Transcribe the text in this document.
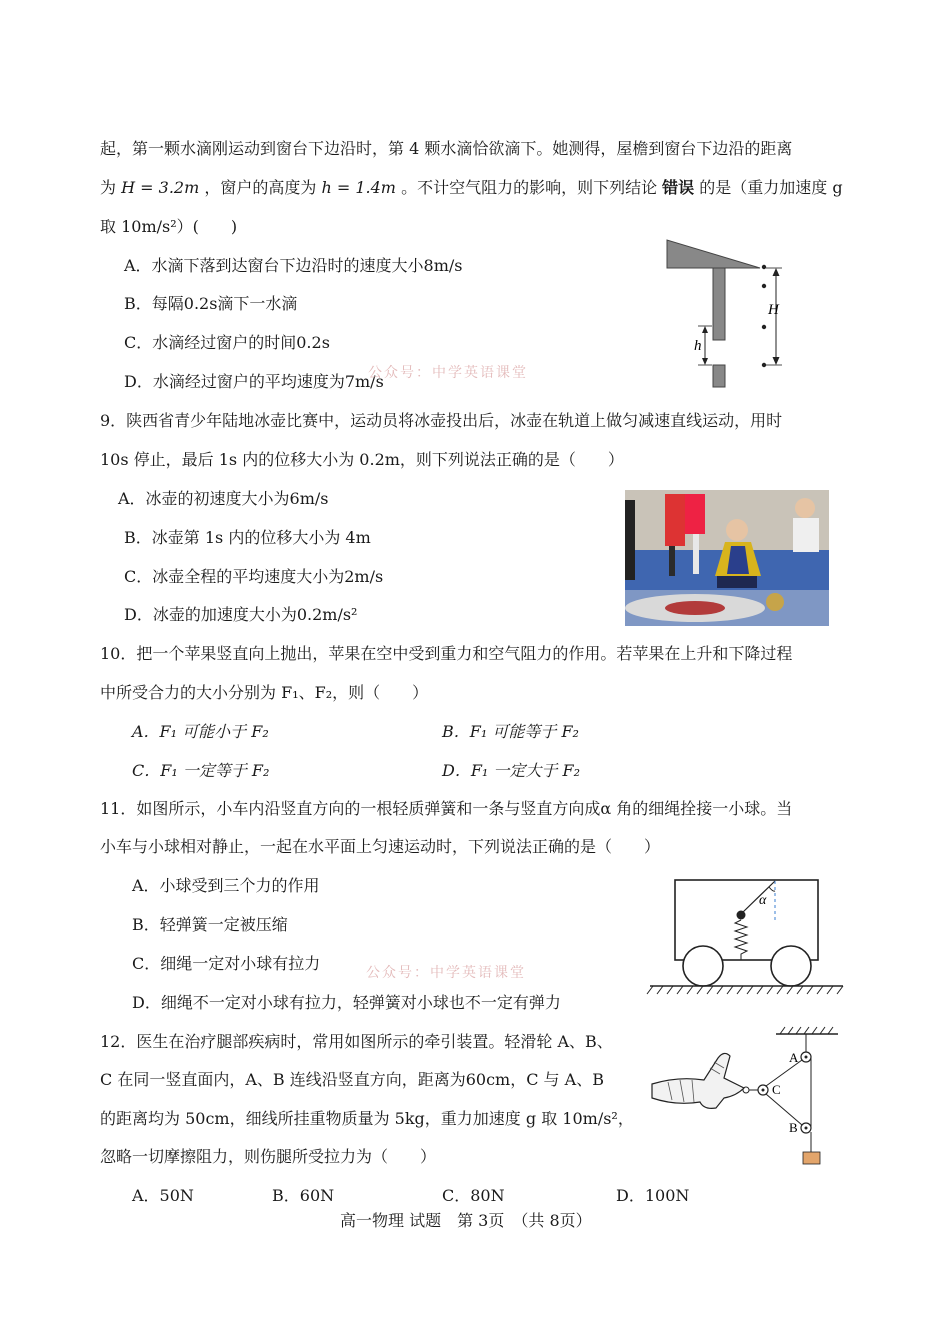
起，第一颗水滴刚运动到窗台下边沿时，第 4 颗水滴恰欲滴下。她测得，屋檐到窗台下边沿的距离
为 H = 3.2m ，窗户的高度为 h = 1.4m 。不计空气阻力的影响，则下列结论 错误 的是（重力加速度 g
取 10m/s²）(　　)
A．水滴下落到达窗台下边沿时的速度大小8m/s
B．每隔0.2s滴下一水滴
C．水滴经过窗户的时间0.2s
D．水滴经过窗户的平均速度为7m/s
H
h
公众号：中学英语课堂
9．陕西省青少年陆地冰壶比赛中，运动员将冰壶投出后，冰壶在轨道上做匀减速直线运动，用时
10s 停止，最后 1s 内的位移大小为 0.2m，则下列说法正确的是（　　）
A．冰壶的初速度大小为6m/s
B．冰壶第 1s 内的位移大小为 4m
C．冰壶全程的平均速度大小为2m/s
D．冰壶的加速度大小为0.2m/s²
10．把一个苹果竖直向上抛出，苹果在空中受到重力和空气阻力的作用。若苹果在上升和下降过程
中所受合力的大小分别为 F₁、F₂，则（　　）
A．F₁ 可能小于 F₂	B．F₁ 可能等于 F₂
C．F₁ 一定等于 F₂	D．F₁ 一定大于 F₂
11．如图所示，小车内沿竖直方向的一根轻质弹簧和一条与竖直方向成α 角的细绳拴接一小球。当
小车与小球相对静止，一起在水平面上匀速运动时，下列说法正确的是（　　）
A．小球受到三个力的作用
B．轻弹簧一定被压缩
C．细绳一定对小球有拉力
D．细绳不一定对小球有拉力，轻弹簧对小球也不一定有弹力
α
公众号：中学英语课堂
12．医生在治疗腿部疾病时，常用如图所示的牵引装置。轻滑轮 A、B、
C 在同一竖直面内，A、B 连线沿竖直方向，距离为60cm，C 与 A、B
的距离均为 50cm，细线所挂重物质量为 5kg，重力加速度 g 取 10m/s²，
忽略一切摩擦阻力，则伤腿所受拉力为（　　）
A．50N	B．60N	C．80N	D．100N
A
B
C
高一物理 试题　第 3页　（共 8页）
